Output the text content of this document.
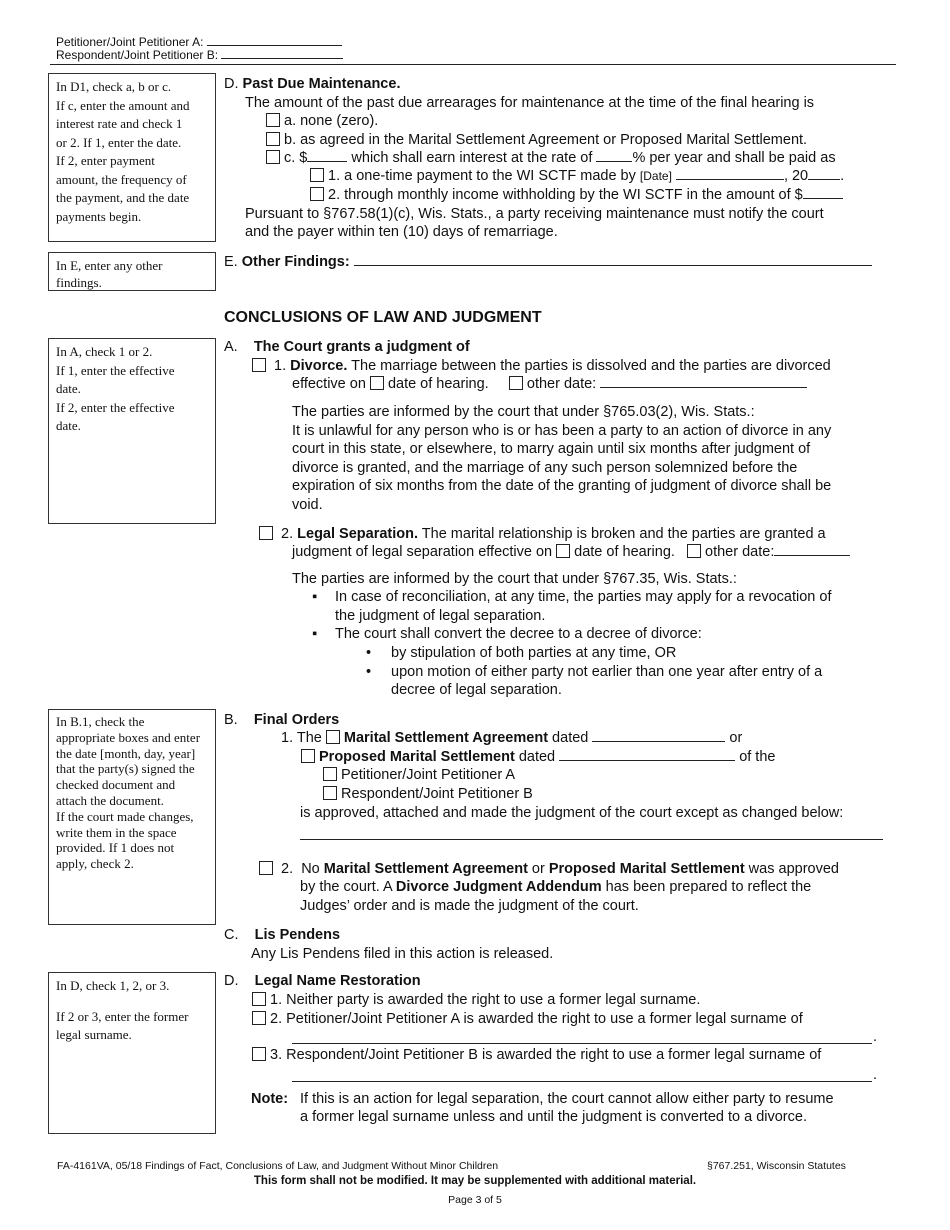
Petitioner/Joint Petitioner A:
Respondent/Joint Petitioner B:
In D1, check a, b or c.
If c, enter the amount and
interest rate and check 1
or 2. If 1, enter the date.
If 2, enter payment
amount, the frequency of
the payment, and the date
payments begin.
In E, enter any other
findings.
In A, check 1 or 2.
If 1, enter the effective
date.
If 2, enter the effective
date.
In B.1, check the
appropriate boxes and enter
the date [month, day, year]
that the party(s) signed the
checked document and
attach the document.
If the court made changes,
write them in the space
provided. If 1 does not
apply, check 2.
In D, check 1, 2, or 3.
If 2 or 3, enter the former
legal surname.
D. Past Due Maintenance.
The amount of the past due arrearages for maintenance at the time of the final hearing is
a. none (zero).
b. as agreed in the Marital Settlement Agreement or Proposed Marital Settlement.
c. $	which shall earn interest at the rate of % per year and shall be paid as
1. a one-time payment to the WI SCTF made by [Date]	, 20 .
2. through monthly income withholding by the WI SCTF in the amount of $
Pursuant to §767.58(1)(c), Wis. Stats., a party receiving maintenance must notify the court
and the payer within ten (10) days of remarriage.
E. Other Findings:
CONCLUSIONS OF LAW AND JUDGMENT
A. The Court grants a judgment of
1. Divorce. The marriage between the parties is dissolved and the parties are divorced
effective on date of hearing.	other date:
The parties are informed by the court that under §765.03(2), Wis. Stats.:
It is unlawful for any person who is or has been a party to an action of divorce in any
court in this state, or elsewhere, to marry again until six months after judgment of
divorce is granted, and the marriage of any such person solemnized before the
expiration of six months from the date of the granting of judgment of divorce shall be
void.
2. Legal Separation. The marital relationship is broken and the parties are granted a
judgment of legal separation effective on date of hearing. other date:
The parties are informed by the court that under §767.35, Wis. Stats.:
▪ In case of reconciliation, at any time, the parties may apply for a revocation of
the judgment of legal separation.
▪ The court shall convert the decree to a decree of divorce:
• by stipulation of both parties at any time, OR
• upon motion of either party not earlier than one year after entry of a
decree of legal separation.
B. Final Orders
1. The Marital Settlement Agreement dated	or
Proposed Marital Settlement dated	of the
Petitioner/Joint Petitioner A
Respondent/Joint Petitioner B
is approved, attached and made the judgment of the court except as changed below:
2. No Marital Settlement Agreement or Proposed Marital Settlement was approved
by the court. A Divorce Judgment Addendum has been prepared to reflect the
Judges’ order and is made the judgment of the court.
C. Lis Pendens
Any Lis Pendens filed in this action is released.
D. Legal Name Restoration
1. Neither party is awarded the right to use a former legal surname.
2. Petitioner/Joint Petitioner A is awarded the right to use a former legal surname of
.
3. Respondent/Joint Petitioner B is awarded the right to use a former legal surname of
.
Note: If this is an action for legal separation, the court cannot allow either party to resume
a former legal surname unless and until the judgment is converted to a divorce.
FA-4161VA, 05/18 Findings of Fact, Conclusions of Law, and Judgment Without Minor Children	§767.251, Wisconsin Statutes
This form shall not be modified. It may be supplemented with additional material.
Page 3 of 5
